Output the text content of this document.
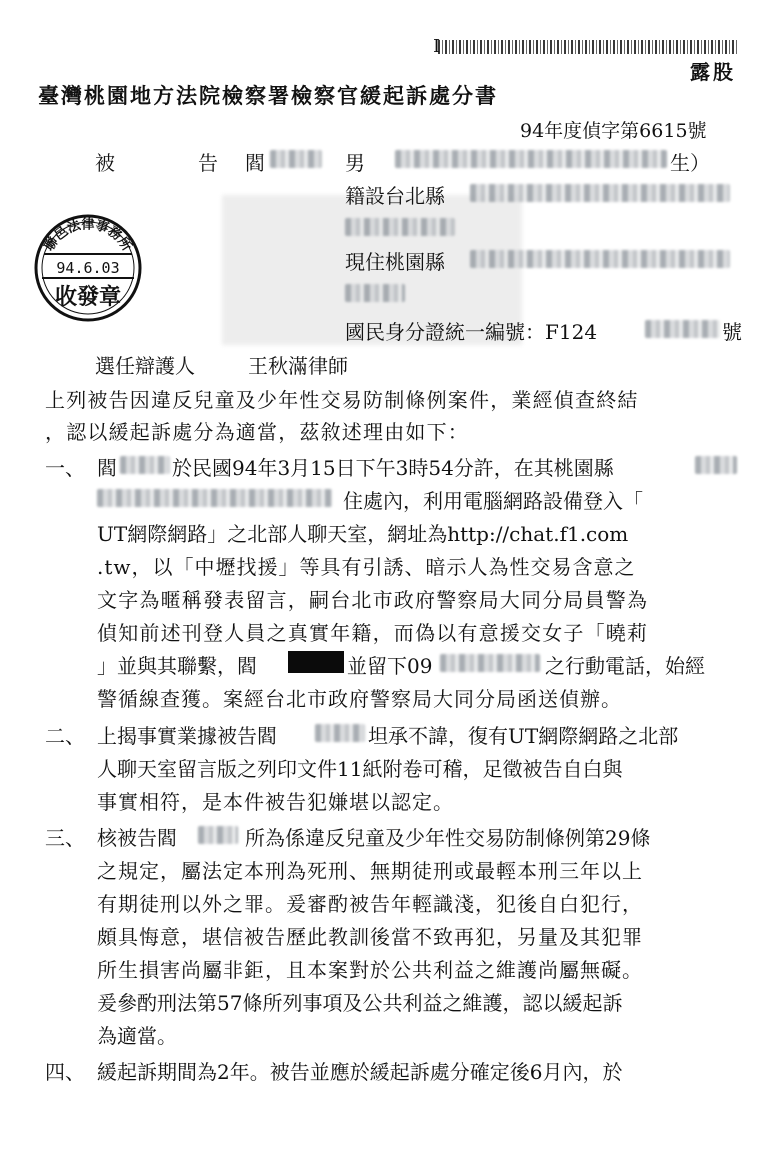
I
露股
臺灣桃園地方法院檢察署檢察官緩起訴處分書
94年度偵字第6615號
被	告 閻	男	生）
籍設台北縣
現住桃園縣
國民身分證統一編號：F124	號
聯邑法律事務所
94.6.03
收發章
選任辯護人	王秋滿律師
上列被告因違反兒童及少年性交易防制條例案件，業經偵查終結
，認以緩起訴處分為適當，茲敘述理由如下：
一、 閻	於民國94年3月15日下午3時54分許，在其桃園縣
住處內，利用電腦網路設備登入「
UT網際網路」之北部人聊天室，網址為http://chat.f1.com
.tw，以「中壢找援」等具有引誘、暗示人為性交易含意之
文字為暱稱發表留言，嗣台北市政府警察局大同分局員警為
偵知前述刊登人員之真實年籍，而偽以有意援交女子「曉莉
」並與其聯繫，閻	並留下09	之行動電話，始經
警循線查獲。案經台北市政府警察局大同分局函送偵辦。
二、 上揭事實業據被告閻	坦承不諱，復有UT網際網路之北部
人聊天室留言版之列印文件11紙附卷可稽，足徵被告自白與
事實相符，是本件被告犯嫌堪以認定。
三、 核被告閻	所為係違反兒童及少年性交易防制條例第29條
之規定，屬法定本刑為死刑、無期徒刑或最輕本刑三年以上
有期徒刑以外之罪。爰審酌被告年輕識淺，犯後自白犯行，
頗具悔意，堪信被告歷此教訓後當不致再犯，另量及其犯罪
所生損害尚屬非鉅，且本案對於公共利益之維護尚屬無礙。
爰參酌刑法第57條所列事項及公共利益之維護，認以緩起訴
為適當。
四、 緩起訴期間為2年。被告並應於緩起訴處分確定後6月內，於
